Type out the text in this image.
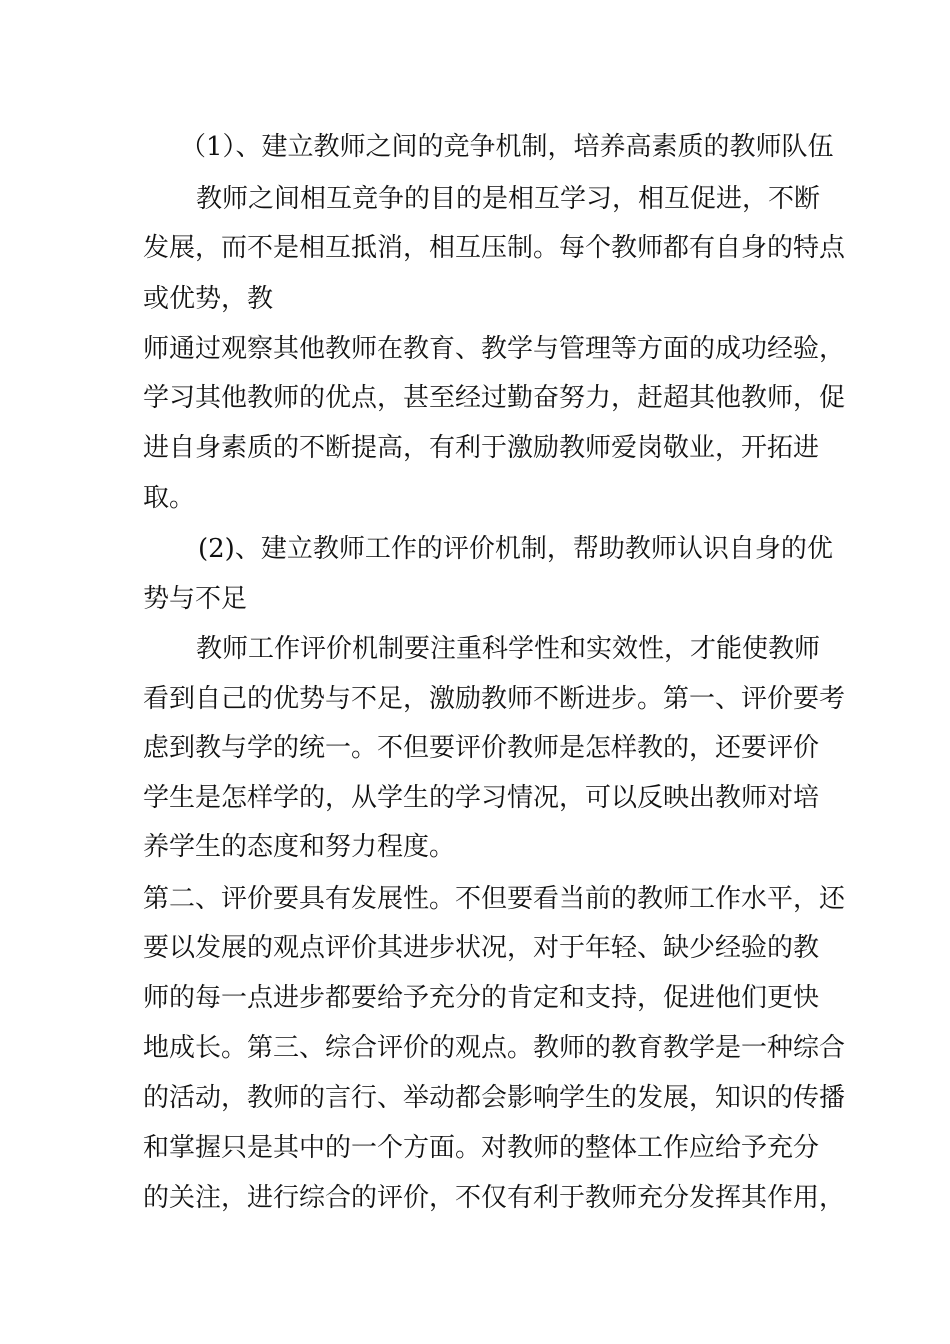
（1）、建立教师之间的竞争机制，培养高素质的教师队伍
教师之间相互竞争的目的是相互学习，相互促进，不断
发展，而不是相互抵消，相互压制。每个教师都有自身的特点
或优势，教
师通过观察其他教师在教育、教学与管理等方面的成功经验，
学习其他教师的优点，甚至经过勤奋努力，赶超其他教师，促
进自身素质的不断提高，有利于激励教师爱岗敬业，开拓进
取。
(2)、建立教师工作的评价机制，帮助教师认识自身的优
势与不足
教师工作评价机制要注重科学性和实效性，才能使教师
看到自己的优势与不足，激励教师不断进步。第一、评价要考
虑到教与学的统一。不但要评价教师是怎样教的，还要评价
学生是怎样学的，从学生的学习情况，可以反映出教师对培
养学生的态度和努力程度。
第二、评价要具有发展性。不但要看当前的教师工作水平，还
要以发展的观点评价其进步状况，对于年轻、缺少经验的教
师的每一点进步都要给予充分的肯定和支持，促进他们更快
地成长。第三、综合评价的观点。教师的教育教学是一种综合
的活动，教师的言行、举动都会影响学生的发展，知识的传播
和掌握只是其中的一个方面。对教师的整体工作应给予充分
的关注，进行综合的评价，不仅有利于教师充分发挥其作用，
